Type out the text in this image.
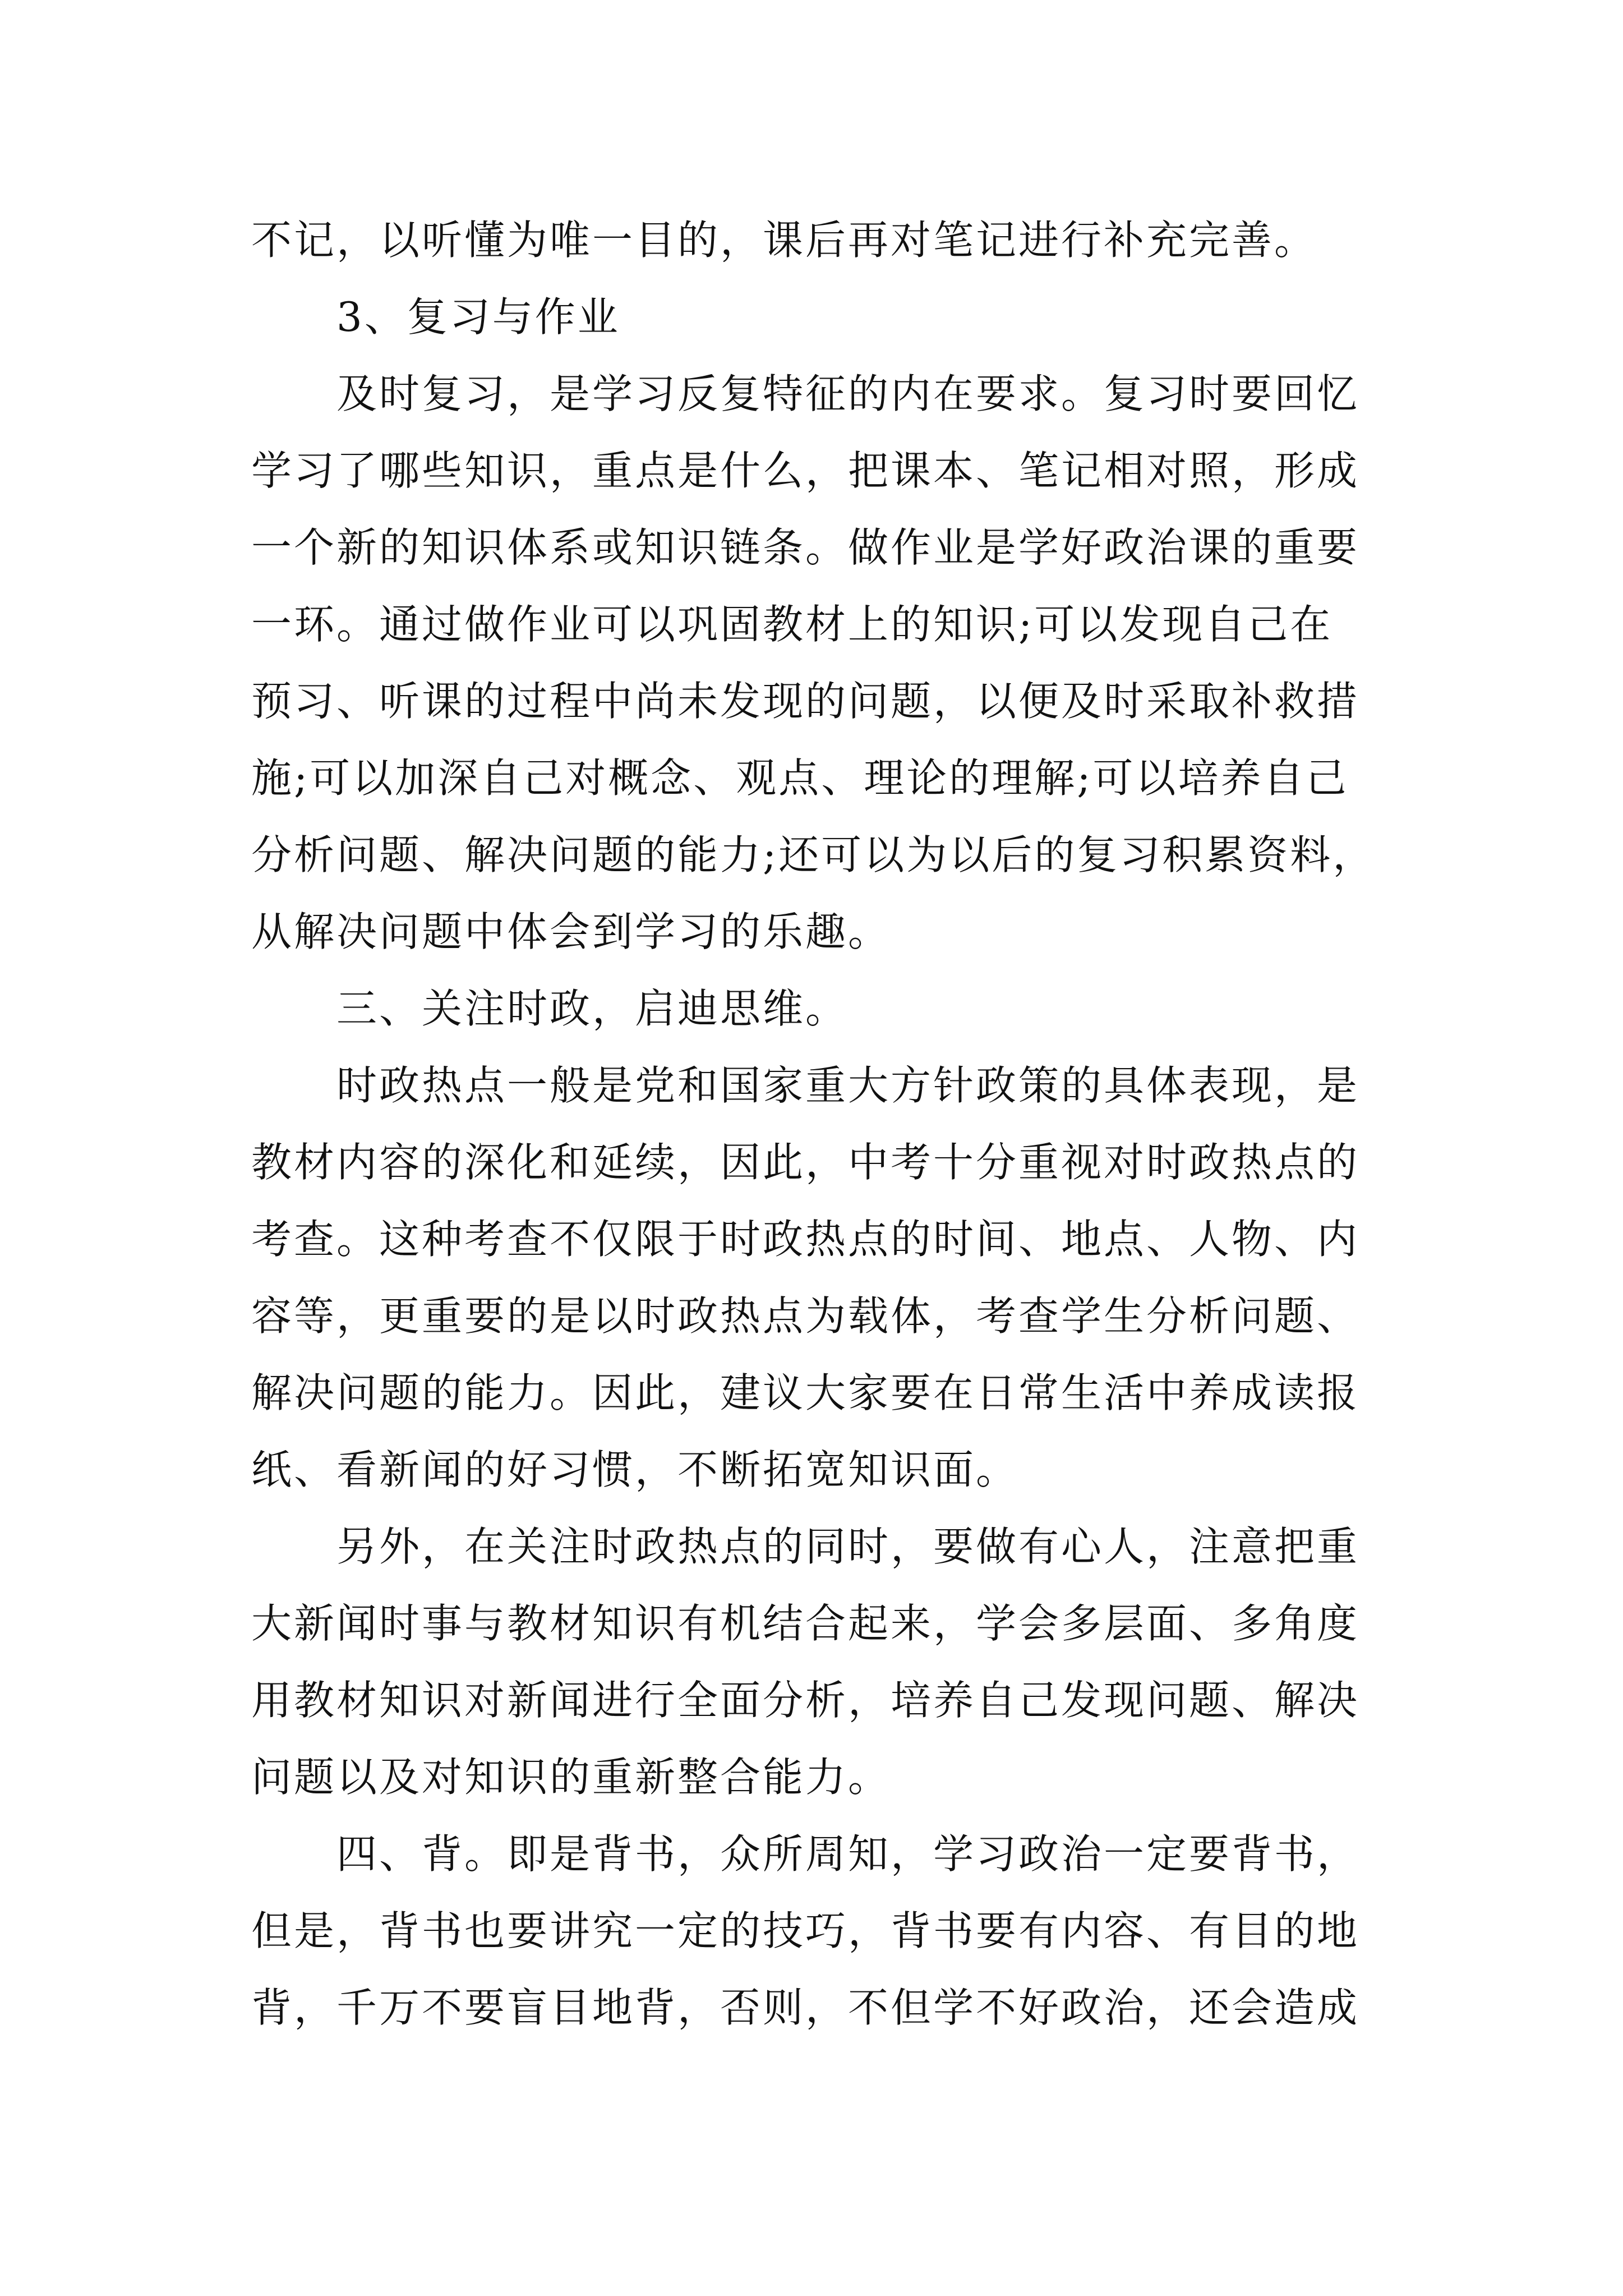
不记，以听懂为唯一目的，课后再对笔记进行补充完善。
3、复习与作业
及时复习，是学习反复特征的内在要求。复习时要回忆
学习了哪些知识，重点是什么，把课本、笔记相对照，形成
一个新的知识体系或知识链条。做作业是学好政治课的重要
一环。通过做作业可以巩固教材上的知识;可以发现自己在
预习、听课的过程中尚未发现的问题，以便及时采取补救措
施;可以加深自己对概念、观点、理论的理解;可以培养自己
分析问题、解决问题的能力;还可以为以后的复习积累资料，
从解决问题中体会到学习的乐趣。
三、关注时政，启迪思维。
时政热点一般是党和国家重大方针政策的具体表现，是
教材内容的深化和延续，因此，中考十分重视对时政热点的
考查。这种考查不仅限于时政热点的时间、地点、人物、内
容等，更重要的是以时政热点为载体，考查学生分析问题、
解决问题的能力。因此，建议大家要在日常生活中养成读报
纸、看新闻的好习惯，不断拓宽知识面。
另外，在关注时政热点的同时，要做有心人，注意把重
大新闻时事与教材知识有机结合起来，学会多层面、多角度
用教材知识对新闻进行全面分析，培养自己发现问题、解决
问题以及对知识的重新整合能力。
四、背。即是背书，众所周知，学习政治一定要背书，
但是，背书也要讲究一定的技巧，背书要有内容、有目的地
背，千万不要盲目地背，否则，不但学不好政治，还会造成
